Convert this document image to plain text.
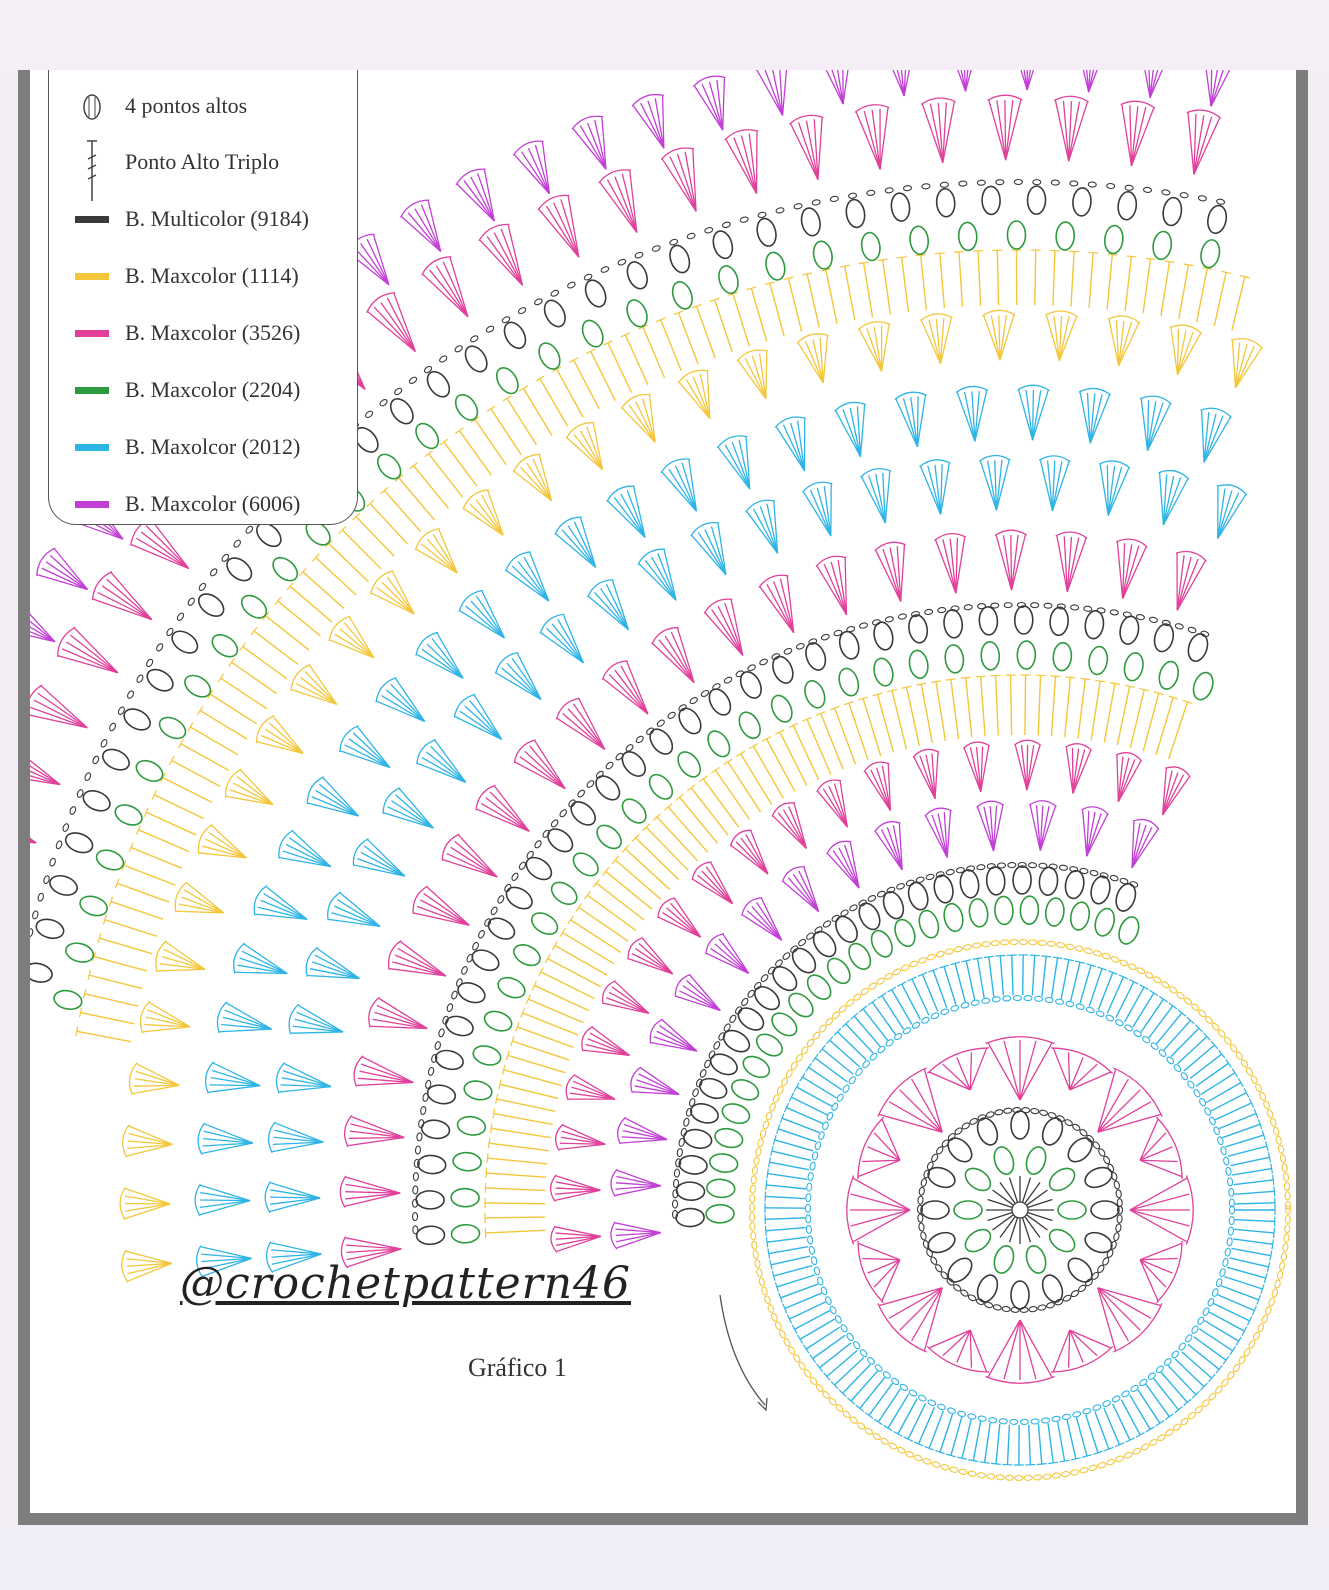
4 pontos altos
Ponto Alto Triplo
B. Multicolor (9184)
B. Maxcolor (1114)
B. Maxcolor (3526)
B. Maxcolor (2204)
B. Maxolcor (2012)
B. Maxcolor (6006)
@crochetpattern46
Gráfico 1
